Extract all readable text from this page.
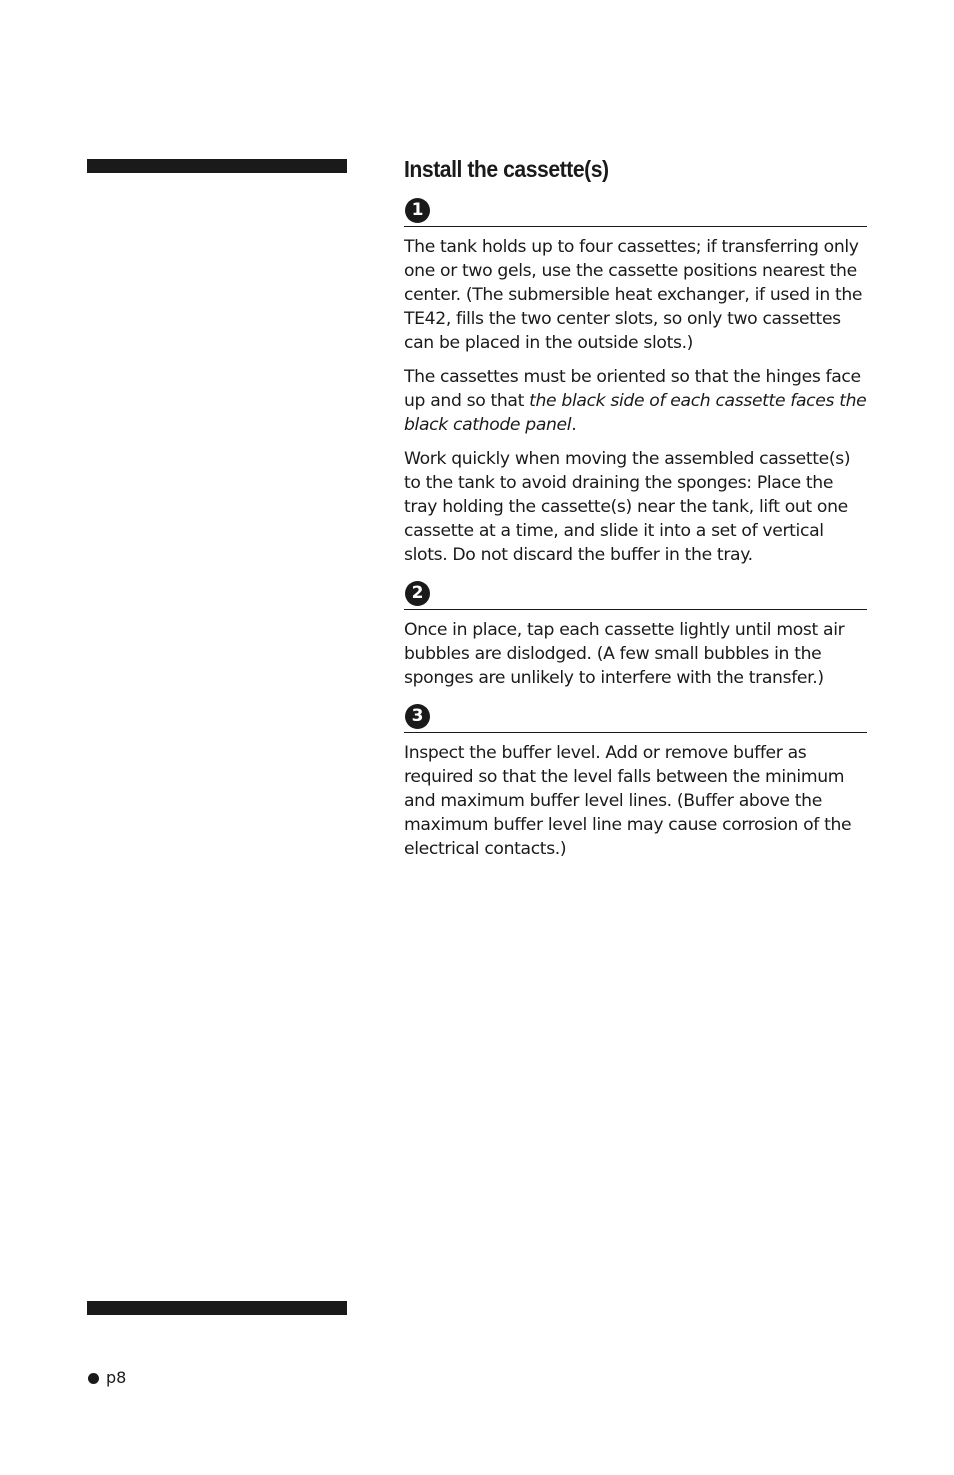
Install the cassette(s)
1

The tank holds up to four cassettes; if transferring only one or two gels, use the cassette positions nearest the center. (The submersible heat exchanger, if used in the TE42, fills the two center slots, so only two cassettes can be placed in the outside slots.)

The cassettes must be oriented so that the hinges face up and so that the black side of each cassette faces the black cathode panel.

Work quickly when moving the assembled cassette(s) to the tank to avoid draining the sponges: Place the tray holding the cassette(s) near the tank, lift out one cassette at a time, and slide it into a set of vertical slots. Do not discard the buffer in the tray.

2

Once in place, tap each cassette lightly until most air bubbles are dislodged. (A few small bubbles in the sponges are unlikely to interfere with the transfer.)

3

Inspect the buffer level. Add or remove buffer as required so that the level falls between the minimum and maximum buffer level lines. (Buffer above the maximum buffer level line may cause corrosion of the electrical contacts.)

p8
